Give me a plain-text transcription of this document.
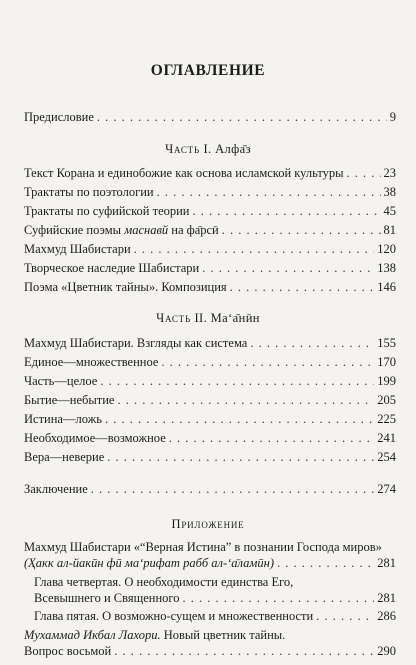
ОГЛАВЛЕНИЕ
Предисловие . . .	9
Часть I. Алфа̄з
Текст Корана и единобожие как основа исламской культуры . . .	23
Трактаты по поэтологии . . .	38
Трактаты по суфийской теории . . .	45
Суфийские поэмы маснавй на фа̄рсӣ . . .	81
Махмуд Шабистари . . .	120
Творческое наследие Шабистари . . .	138
Поэма «Цветник тайны». Композиция . . .	146
Часть II. Ма‘а̄нӣн
Махмуд Шабистари. Взгляды как система . . .	155
Единое—множественное . . .	170
Часть—целое . . .	199
Бытие—небытие . . .	205
Истина—ложь . . .	225
Необходимое—возможное . . .	241
Вера—неверие . . .	254
Заключение . . .	274
Приложение
Махмуд Шабистари «“Верная Истина” в познании Господа миров»
(Ҳакк ал-йакӣн фӣ ма‘рифат рабб ал-‘а̄ламӣн) . . .	281
Глава четвертая. О необходимости единства Его,
Всевышнего и Священного . . .	281
Глава пятая. О возможно-сущем и множественности . . .	286
Мухаммад Икбал Лахори. Новый цветник тайны.
Вопрос восьмой . . .	290
